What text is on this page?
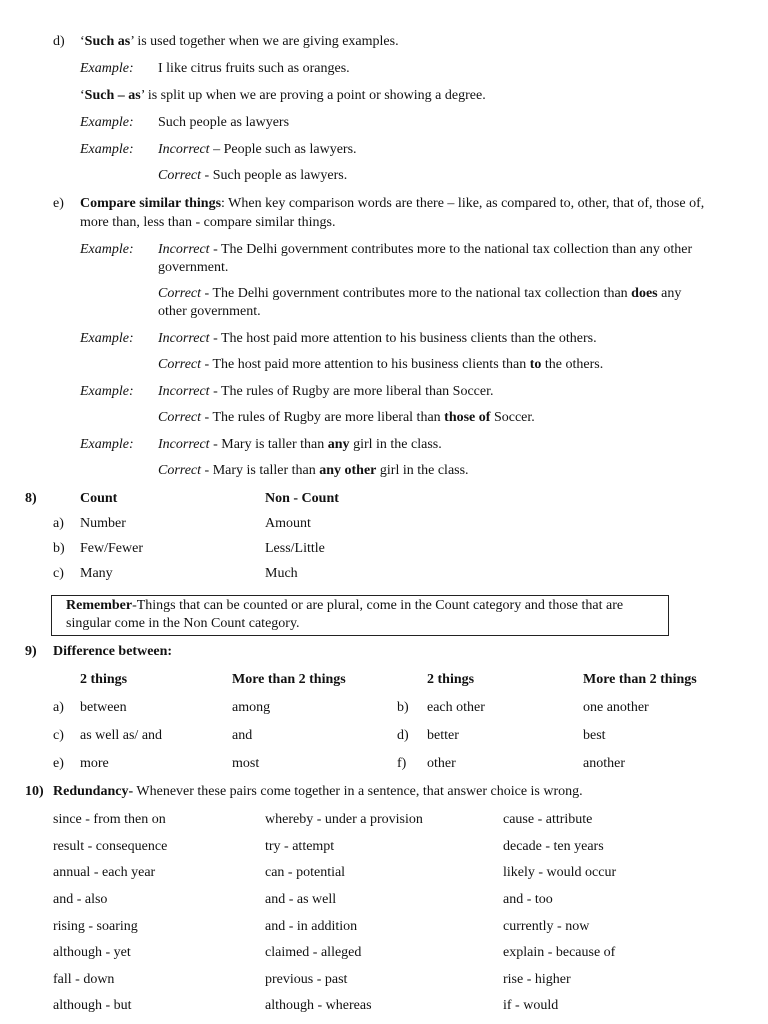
d) ‘Such as’ is used together when we are giving examples.
Example: I like citrus fruits such as oranges.
‘Such – as’ is split up when we are proving a point or showing a degree.
Example: Such people as lawyers
Example: Incorrect – People such as lawyers.
Correct - Such people as lawyers.
e) Compare similar things: When key comparison words are there – like, as compared to, other, that of, those of,
more than, less than - compare similar things.
Example: Incorrect - The Delhi government contributes more to the national tax collection than any other
government.
Correct - The Delhi government contributes more to the national tax collection than does any
other government.
Example: Incorrect - The host paid more attention to his business clients than the others.
Correct - The host paid more attention to his business clients than to the others.
Example: Incorrect - The rules of Rugby are more liberal than Soccer.
Correct - The rules of Rugby are more liberal than those of Soccer.
Example: Incorrect - Mary is taller than any girl in the class.
Correct - Mary is taller than any other girl in the class.
8)	Count	Non - Count
a) Number	Amount
b) Few/Fewer	Less/Little
c) Many	Much
Remember-Things that can be counted or are plural, come in the Count category and those that are
singular come in the Non Count category.
9) Difference between:
2 things	More than 2 things	2 things	More than 2 things
a) between	among	b) each other	one another
c) as well as/ and	and	d) better	best
e) more	most	f) other	another
10) Redundancy- Whenever these pairs come together in a sentence, that answer choice is wrong.
since - from then on	whereby - under a provision	cause - attribute
result - consequence	try - attempt	decade - ten years
annual - each year	can - potential	likely - would occur
and - also	and - as well	and - too
rising - soaring	and - in addition	currently - now
although - yet	claimed - alleged	explain - because of
fall - down	previous - past	rise - higher
although - but	although - whereas	if - would
